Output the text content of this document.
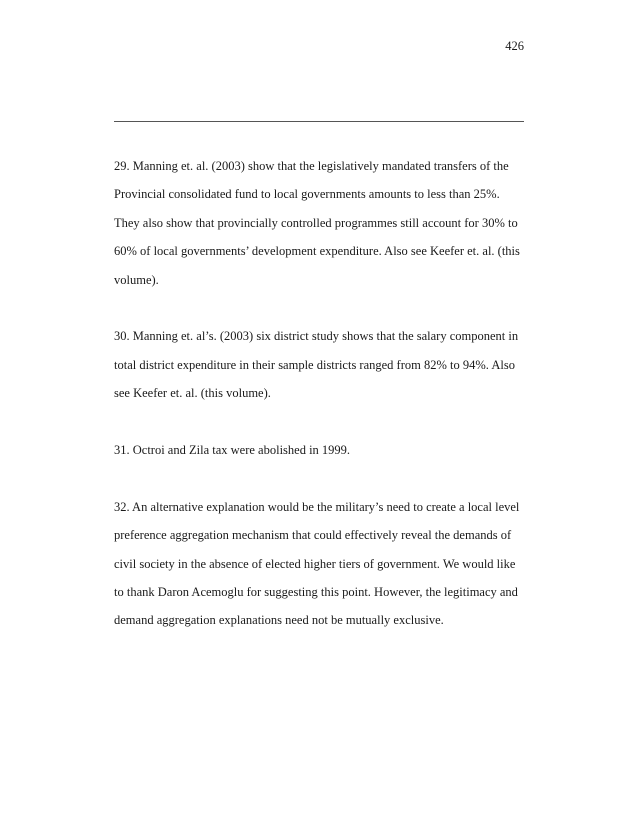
426

29. Manning et. al. (2003) show that the legislatively mandated transfers of the
Provincial consolidated fund to local governments amounts to less than 25%.
They also show that provincially controlled programmes still account for 30% to
60% of local governments’ development expenditure. Also see Keefer et. al. (this
volume).

30. Manning et. al’s. (2003) six district study shows that the salary component in
total district expenditure in their sample districts ranged from 82% to 94%. Also
see Keefer et. al. (this volume).

31. Octroi and Zila tax were abolished in 1999.

32. An alternative explanation would be the military’s need to create a local level
preference aggregation mechanism that could effectively reveal the demands of
civil society in the absence of elected higher tiers of government. We would like
to thank Daron Acemoglu for suggesting this point. However, the legitimacy and
demand aggregation explanations need not be mutually exclusive.
